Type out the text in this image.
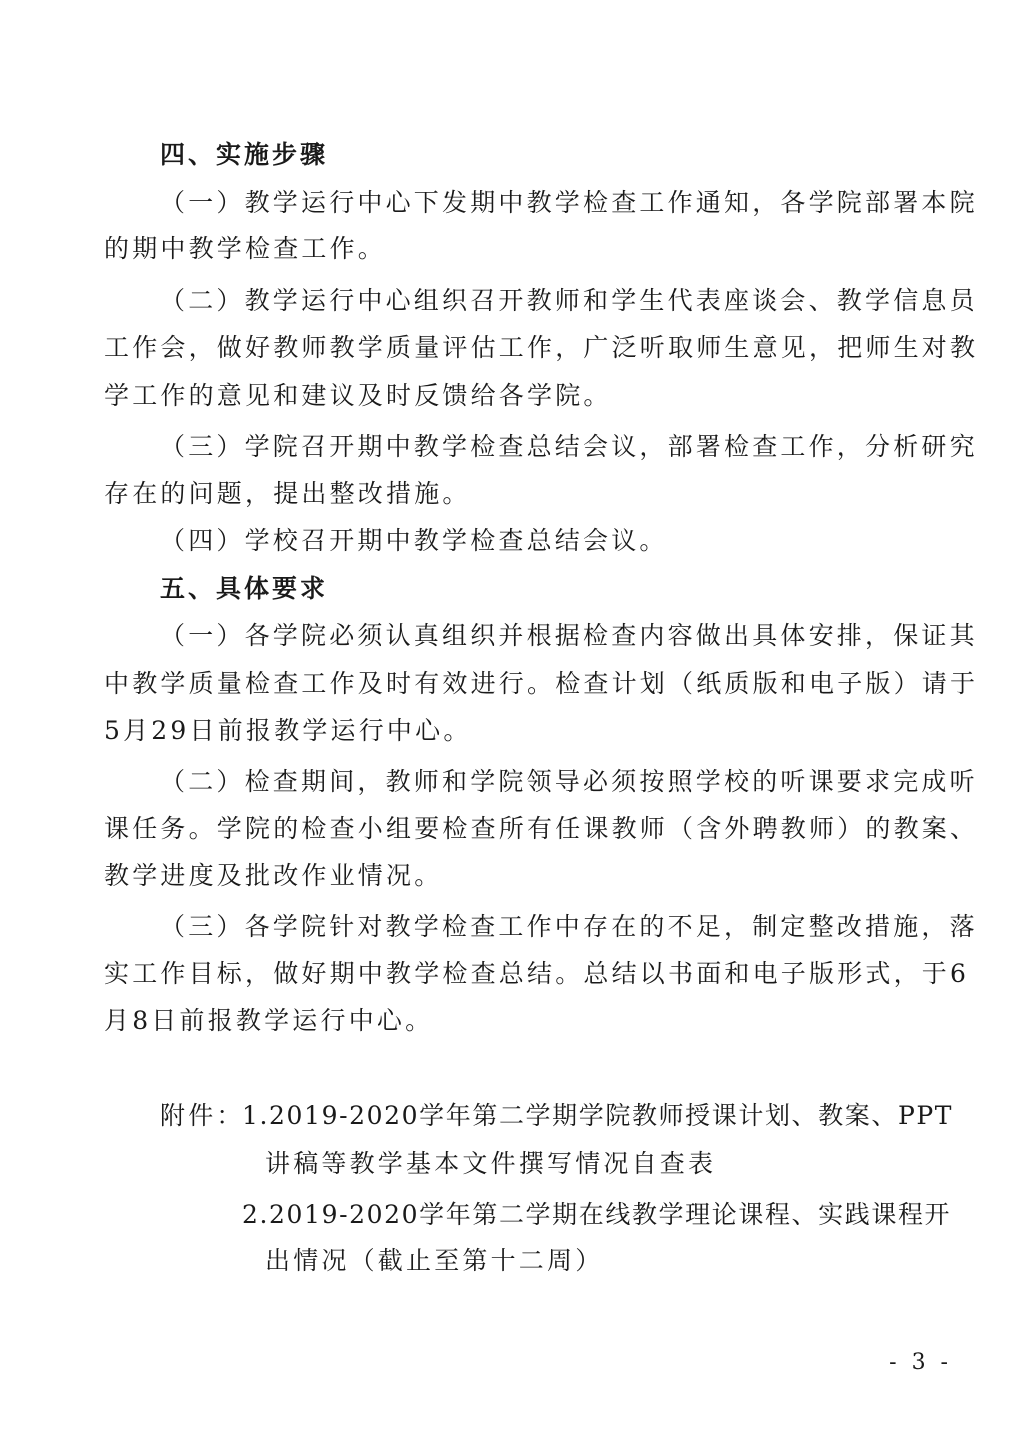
四、实施步骤
（一）教学运行中心下发期中教学检查工作通知，各学院部署本院
的期中教学检查工作。
（二）教学运行中心组织召开教师和学生代表座谈会、教学信息员
工作会，做好教师教学质量评估工作，广泛听取师生意见，把师生对教
学工作的意见和建议及时反馈给各学院。
（三）学院召开期中教学检查总结会议，部署检查工作，分析研究
存在的问题，提出整改措施。
（四）学校召开期中教学检查总结会议。
五、具体要求
（一）各学院必须认真组织并根据检查内容做出具体安排，保证其
中教学质量检查工作及时有效进行。检查计划（纸质版和电子版）请于
5月29日前报教学运行中心。
（二）检查期间，教师和学院领导必须按照学校的听课要求完成听
课任务。学院的检查小组要检查所有任课教师（含外聘教师）的教案、
教学进度及批改作业情况。
（三）各学院针对教学检查工作中存在的不足，制定整改措施，落
实工作目标，做好期中教学检查总结。总结以书面和电子版形式，于6
月8日前报教学运行中心。
附件：
1.2019-2020学年第二学期学院教师授课计划、教案、PPT
讲稿等教学基本文件撰写情况自查表
2.2019-2020学年第二学期在线教学理论课程、实践课程开
出情况（截止至第十二周）
- 3 -
